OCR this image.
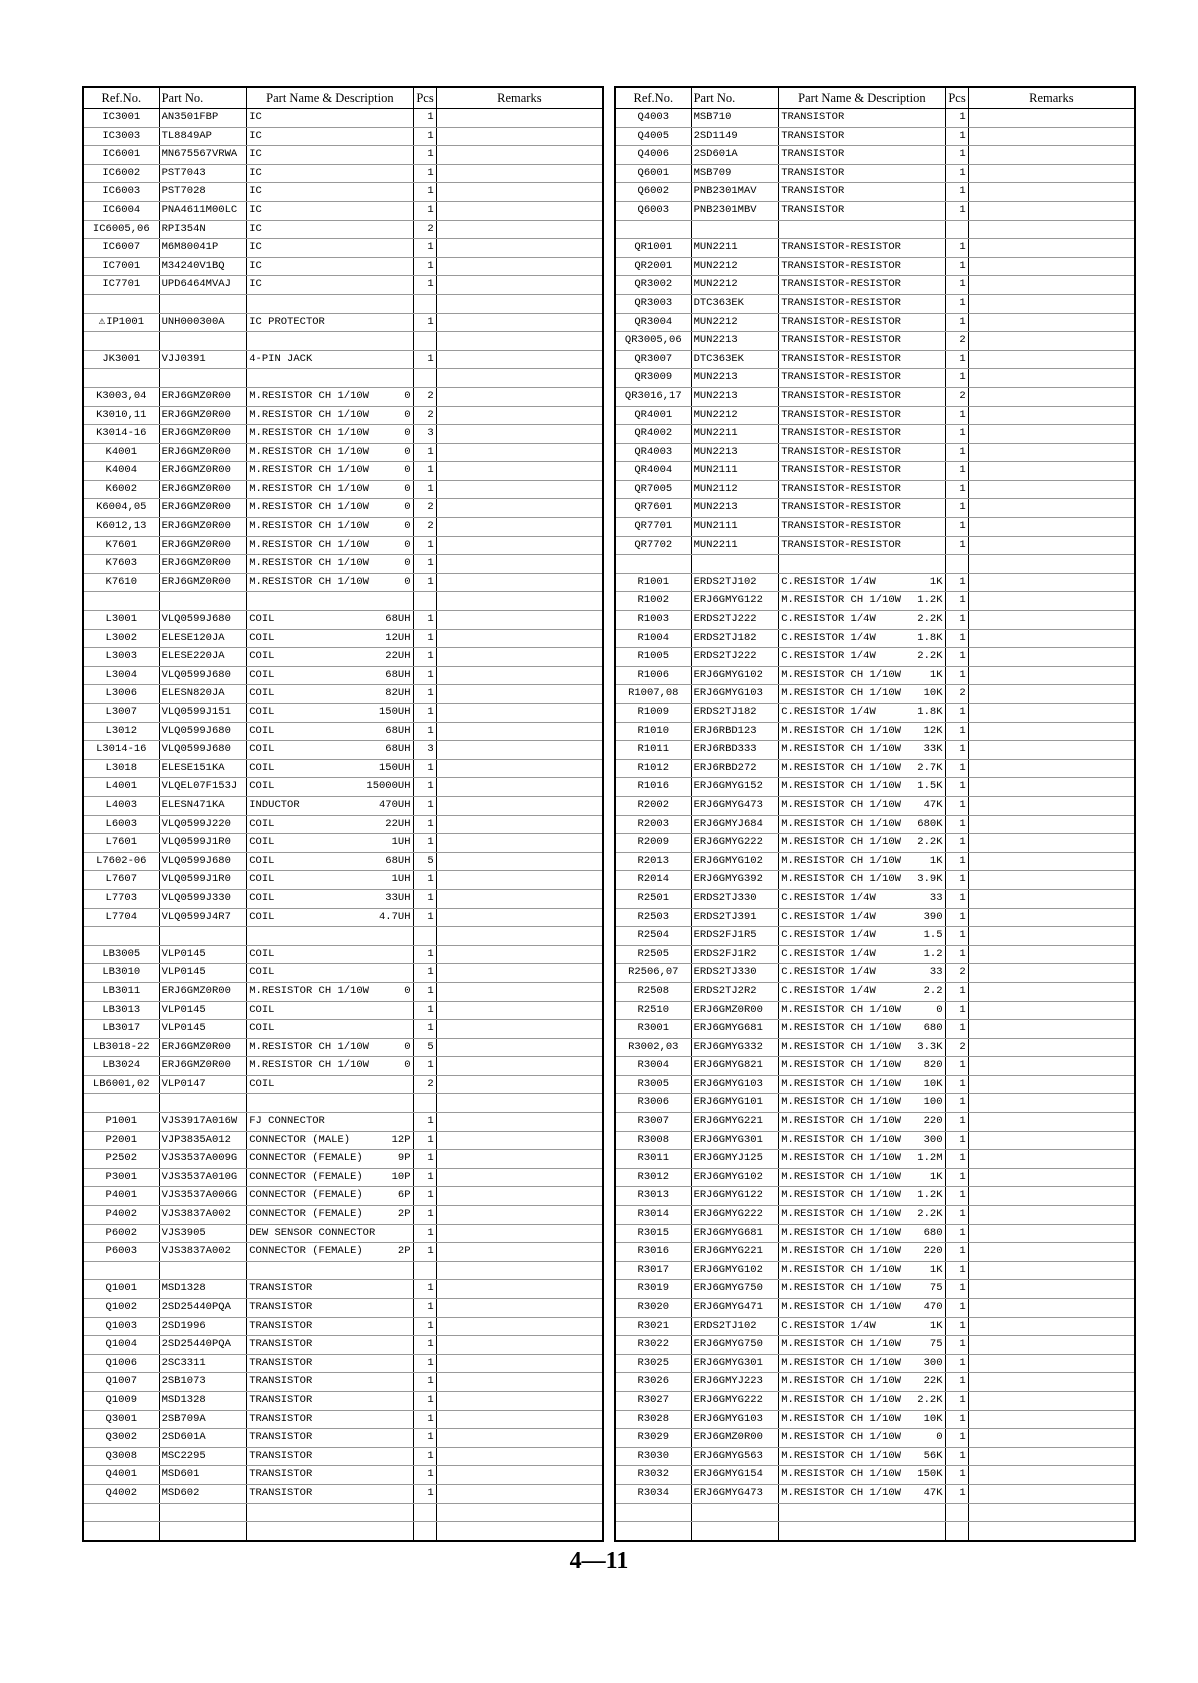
Ref.No.	Part No.	Part Name & Description	Pcs	Remarks
IC3001	AN3501FBP	IC	1	
IC3003	TL8849AP	IC	1	
IC6001	MN675567VRWA	IC	1	
IC6002	PST7043	IC	1	
IC6003	PST7028	IC	1	
IC6004	PNA4611M00LC	IC	1	
IC6005,06	RPI354N	IC	2	
IC6007	M6M80041P	IC	1	
IC7001	M34240V1BQ	IC	1	
IC7701	UPD6464MVAJ	IC	1	

⚠IP1001	UNH000300A	IC PROTECTOR	1	

JK3001	VJJ0391	4-PIN JACK	1	

K3003,04	ERJ6GMZ0R00	M.RESISTOR CH 1/10W 0	2	
K3010,11	ERJ6GMZ0R00	M.RESISTOR CH 1/10W 0	2	
K3014-16	ERJ6GMZ0R00	M.RESISTOR CH 1/10W 0	3	
K4001	ERJ6GMZ0R00	M.RESISTOR CH 1/10W 0	1	
K4004	ERJ6GMZ0R00	M.RESISTOR CH 1/10W 0	1	
K6002	ERJ6GMZ0R00	M.RESISTOR CH 1/10W 0	1	
K6004,05	ERJ6GMZ0R00	M.RESISTOR CH 1/10W 0	2	
K6012,13	ERJ6GMZ0R00	M.RESISTOR CH 1/10W 0	2	
K7601	ERJ6GMZ0R00	M.RESISTOR CH 1/10W 0	1	
K7603	ERJ6GMZ0R00	M.RESISTOR CH 1/10W 0	1	
K7610	ERJ6GMZ0R00	M.RESISTOR CH 1/10W 0	1	

L3001	VLQ0599J680	COIL 68UH	1	
L3002	ELESE120JA	COIL 12UH	1	
L3003	ELESE220JA	COIL 22UH	1	
L3004	VLQ0599J680	COIL 68UH	1	
L3006	ELESN820JA	COIL 82UH	1	
L3007	VLQ0599J151	COIL 150UH	1	
L3012	VLQ0599J680	COIL 68UH	1	
L3014-16	VLQ0599J680	COIL 68UH	3	
L3018	ELESE151KA	COIL 150UH	1	
L4001	VLQEL07F153J	COIL 15000UH	1	
L4003	ELESN471KA	INDUCTOR 470UH	1	
L6003	VLQ0599J220	COIL 22UH	1	
L7601	VLQ0599J1R0	COIL 1UH	1	
L7602-06	VLQ0599J680	COIL 68UH	5	
L7607	VLQ0599J1R0	COIL 1UH	1	
L7703	VLQ0599J330	COIL 33UH	1	
L7704	VLQ0599J4R7	COIL 4.7UH	1	

LB3005	VLP0145	COIL	1	
LB3010	VLP0145	COIL	1	
LB3011	ERJ6GMZ0R00	M.RESISTOR CH 1/10W 0	1	
LB3013	VLP0145	COIL	1	
LB3017	VLP0145	COIL	1	
LB3018-22	ERJ6GMZ0R00	M.RESISTOR CH 1/10W 0	5	
LB3024	ERJ6GMZ0R00	M.RESISTOR CH 1/10W 0	1	
LB6001,02	VLP0147	COIL	2	

P1001	VJS3917A016W	FJ CONNECTOR	1	
P2001	VJP3835A012	CONNECTOR (MALE) 12P	1	
P2502	VJS3537A009G	CONNECTOR (FEMALE) 9P	1	
P3001	VJS3537A010G	CONNECTOR (FEMALE) 10P	1	
P4001	VJS3537A006G	CONNECTOR (FEMALE) 6P	1	
P4002	VJS3837A002	CONNECTOR (FEMALE) 2P	1	
P6002	VJS3905	DEW SENSOR CONNECTOR	1	
P6003	VJS3837A002	CONNECTOR (FEMALE) 2P	1	

Q1001	MSD1328	TRANSISTOR	1	
Q1002	2SD25440PQA	TRANSISTOR	1	
Q1003	2SD1996	TRANSISTOR	1	
Q1004	2SD25440PQA	TRANSISTOR	1	
Q1006	2SC3311	TRANSISTOR	1	
Q1007	2SB1073	TRANSISTOR	1	
Q1009	MSD1328	TRANSISTOR	1	
Q3001	2SB709A	TRANSISTOR	1	
Q3002	2SD601A	TRANSISTOR	1	
Q3008	MSC2295	TRANSISTOR	1	
Q4001	MSD601	TRANSISTOR	1	
Q4002	MSD602	TRANSISTOR	1	

Ref.No.	Part No.	Part Name & Description	Pcs	Remarks
Q4003	MSB710	TRANSISTOR	1	
Q4005	2SD1149	TRANSISTOR	1	
Q4006	2SD601A	TRANSISTOR	1	
Q6001	MSB709	TRANSISTOR	1	
Q6002	PNB2301MAV	TRANSISTOR	1	
Q6003	PNB2301MBV	TRANSISTOR	1	

QR1001	MUN2211	TRANSISTOR-RESISTOR	1	
QR2001	MUN2212	TRANSISTOR-RESISTOR	1	
QR3002	MUN2212	TRANSISTOR-RESISTOR	1	
QR3003	DTC363EK	TRANSISTOR-RESISTOR	1	
QR3004	MUN2212	TRANSISTOR-RESISTOR	1	
QR3005,06	MUN2213	TRANSISTOR-RESISTOR	2	
QR3007	DTC363EK	TRANSISTOR-RESISTOR	1	
QR3009	MUN2213	TRANSISTOR-RESISTOR	1	
QR3016,17	MUN2213	TRANSISTOR-RESISTOR	2	
QR4001	MUN2212	TRANSISTOR-RESISTOR	1	
QR4002	MUN2211	TRANSISTOR-RESISTOR	1	
QR4003	MUN2213	TRANSISTOR-RESISTOR	1	
QR4004	MUN2111	TRANSISTOR-RESISTOR	1	
QR7005	MUN2112	TRANSISTOR-RESISTOR	1	
QR7601	MUN2213	TRANSISTOR-RESISTOR	1	
QR7701	MUN2111	TRANSISTOR-RESISTOR	1	
QR7702	MUN2211	TRANSISTOR-RESISTOR	1	

R1001	ERDS2TJ102	C.RESISTOR 1/4W 1K	1	
R1002	ERJ6GMYG122	M.RESISTOR CH 1/10W 1.2K	1	
R1003	ERDS2TJ222	C.RESISTOR 1/4W 2.2K	1	
R1004	ERDS2TJ182	C.RESISTOR 1/4W 1.8K	1	
R1005	ERDS2TJ222	C.RESISTOR 1/4W 2.2K	1	
R1006	ERJ6GMYG102	M.RESISTOR CH 1/10W 1K	1	
R1007,08	ERJ6GMYG103	M.RESISTOR CH 1/10W 10K	2	
R1009	ERDS2TJ182	C.RESISTOR 1/4W 1.8K	1	
R1010	ERJ6RBD123	M.RESISTOR CH 1/10W 12K	1	
R1011	ERJ6RBD333	M.RESISTOR CH 1/10W 33K	1	
R1012	ERJ6RBD272	M.RESISTOR CH 1/10W 2.7K	1	
R1016	ERJ6GMYG152	M.RESISTOR CH 1/10W 1.5K	1	
R2002	ERJ6GMYG473	M.RESISTOR CH 1/10W 47K	1	
R2003	ERJ6GMYJ684	M.RESISTOR CH 1/10W 680K	1	
R2009	ERJ6GMYG222	M.RESISTOR CH 1/10W 2.2K	1	
R2013	ERJ6GMYG102	M.RESISTOR CH 1/10W 1K	1	
R2014	ERJ6GMYG392	M.RESISTOR CH 1/10W 3.9K	1	
R2501	ERDS2TJ330	C.RESISTOR 1/4W 33	1	
R2503	ERDS2TJ391	C.RESISTOR 1/4W 390	1	
R2504	ERDS2FJ1R5	C.RESISTOR 1/4W 1.5	1	
R2505	ERDS2FJ1R2	C.RESISTOR 1/4W 1.2	1	
R2506,07	ERDS2TJ330	C.RESISTOR 1/4W 33	2	
R2508	ERDS2TJ2R2	C.RESISTOR 1/4W 2.2	1	
R2510	ERJ6GMZ0R00	M.RESISTOR CH 1/10W 0	1	
R3001	ERJ6GMYG681	M.RESISTOR CH 1/10W 680	1	
R3002,03	ERJ6GMYG332	M.RESISTOR CH 1/10W 3.3K	2	
R3004	ERJ6GMYG821	M.RESISTOR CH 1/10W 820	1	
R3005	ERJ6GMYG103	M.RESISTOR CH 1/10W 10K	1	
R3006	ERJ6GMYG101	M.RESISTOR CH 1/10W 100	1	
R3007	ERJ6GMYG221	M.RESISTOR CH 1/10W 220	1	
R3008	ERJ6GMYG301	M.RESISTOR CH 1/10W 300	1	
R3011	ERJ6GMYJ125	M.RESISTOR CH 1/10W 1.2M	1	
R3012	ERJ6GMYG102	M.RESISTOR CH 1/10W 1K	1	
R3013	ERJ6GMYG122	M.RESISTOR CH 1/10W 1.2K	1	
R3014	ERJ6GMYG222	M.RESISTOR CH 1/10W 2.2K	1	
R3015	ERJ6GMYG681	M.RESISTOR CH 1/10W 680	1	
R3016	ERJ6GMYG221	M.RESISTOR CH 1/10W 220	1	
R3017	ERJ6GMYG102	M.RESISTOR CH 1/10W 1K	1	
R3019	ERJ6GMYG750	M.RESISTOR CH 1/10W 75	1	
R3020	ERJ6GMYG471	M.RESISTOR CH 1/10W 470	1	
R3021	ERDS2TJ102	C.RESISTOR 1/4W 1K	1	
R3022	ERJ6GMYG750	M.RESISTOR CH 1/10W 75	1	
R3025	ERJ6GMYG301	M.RESISTOR CH 1/10W 300	1	
R3026	ERJ6GMYJ223	M.RESISTOR CH 1/10W 22K	1	
R3027	ERJ6GMYG222	M.RESISTOR CH 1/10W 2.2K	1	
R3028	ERJ6GMYG103	M.RESISTOR CH 1/10W 10K	1	
R3029	ERJ6GMZ0R00	M.RESISTOR CH 1/10W 0	1	
R3030	ERJ6GMYG563	M.RESISTOR CH 1/10W 56K	1	
R3032	ERJ6GMYG154	M.RESISTOR CH 1/10W 150K	1	
R3034	ERJ6GMYG473	M.RESISTOR CH 1/10W 47K	1	

4—11
